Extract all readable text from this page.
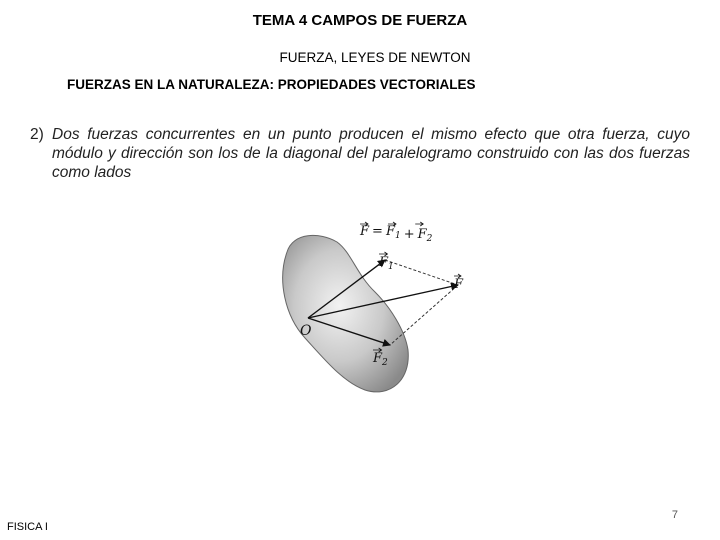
TEMA 4 CAMPOS DE FUERZA
FUERZA, LEYES DE NEWTON
FUERZAS EN LA NATURALEZA: PROPIEDADES VECTORIALES
2) Dos fuerzas concurrentes en un punto producen el mismo efecto que otra fuerza, cuyo módulo y dirección son los de la diagonal del paralelogramo construido con las dos fuerzas como lados
$F = F_1 + F_2$
O
$F_1$
F
$F_2$
FISICA I
7
